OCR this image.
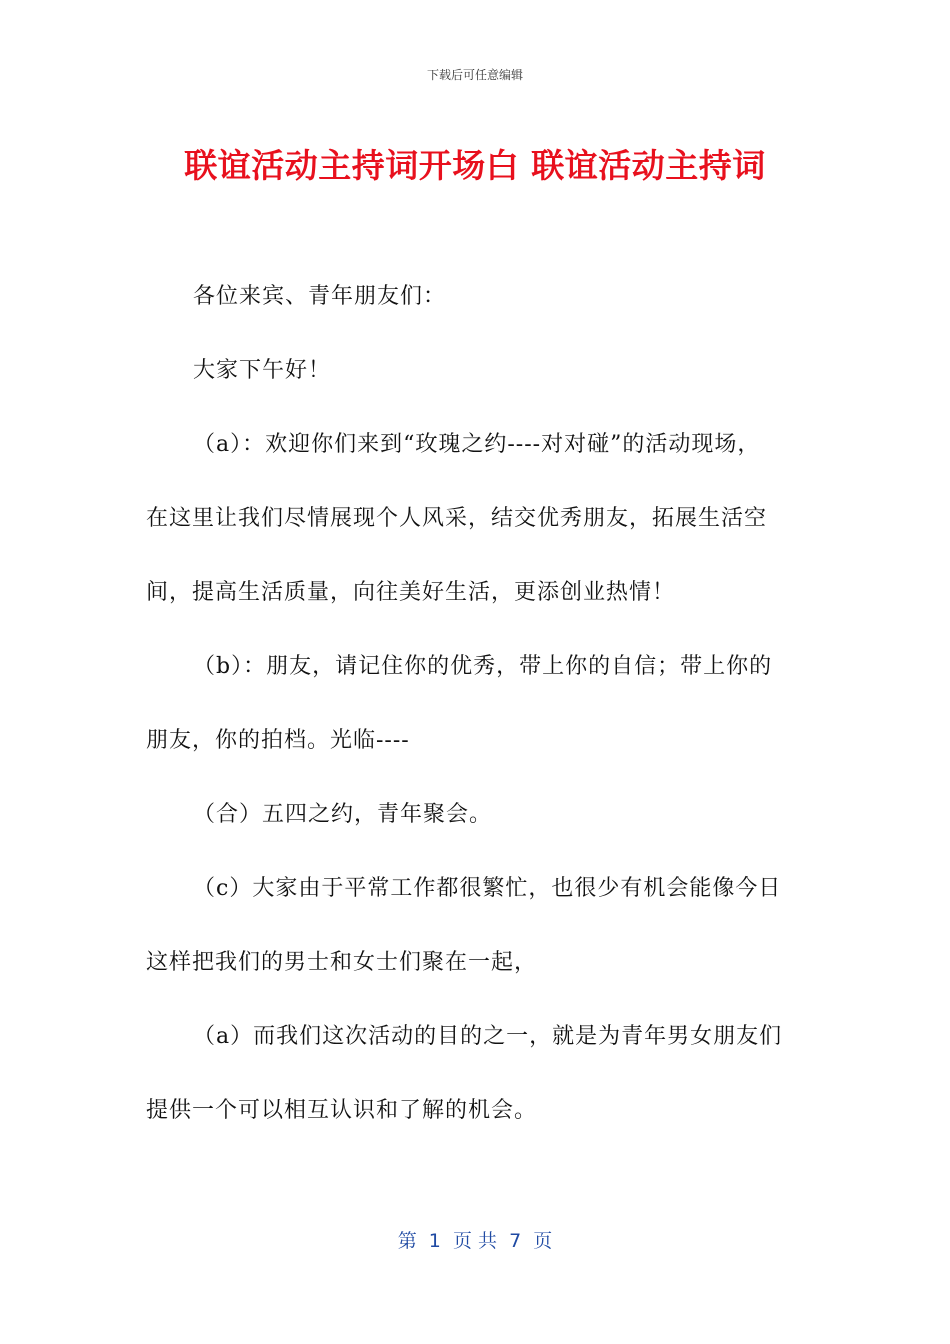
下载后可任意编辑
联谊活动主持词开场白 联谊活动主持词
各位来宾、青年朋友们：
大家下午好！
（a）：欢迎你们来到“玫瑰之约----对对碰”的活动现场，
在这里让我们尽情展现个人风采，结交优秀朋友，拓展生活空
间，提高生活质量，向往美好生活，更添创业热情！
（b）：朋友，请记住你的优秀，带上你的自信；带上你的
朋友，你的拍档。光临----
（合）五四之约，青年聚会。
（c）大家由于平常工作都很繁忙，也很少有机会能像今日
这样把我们的男士和女士们聚在一起，
（a）而我们这次活动的目的之一，就是为青年男女朋友们
提供一个可以相互认识和了解的机会。
第  1  页 共  7  页
